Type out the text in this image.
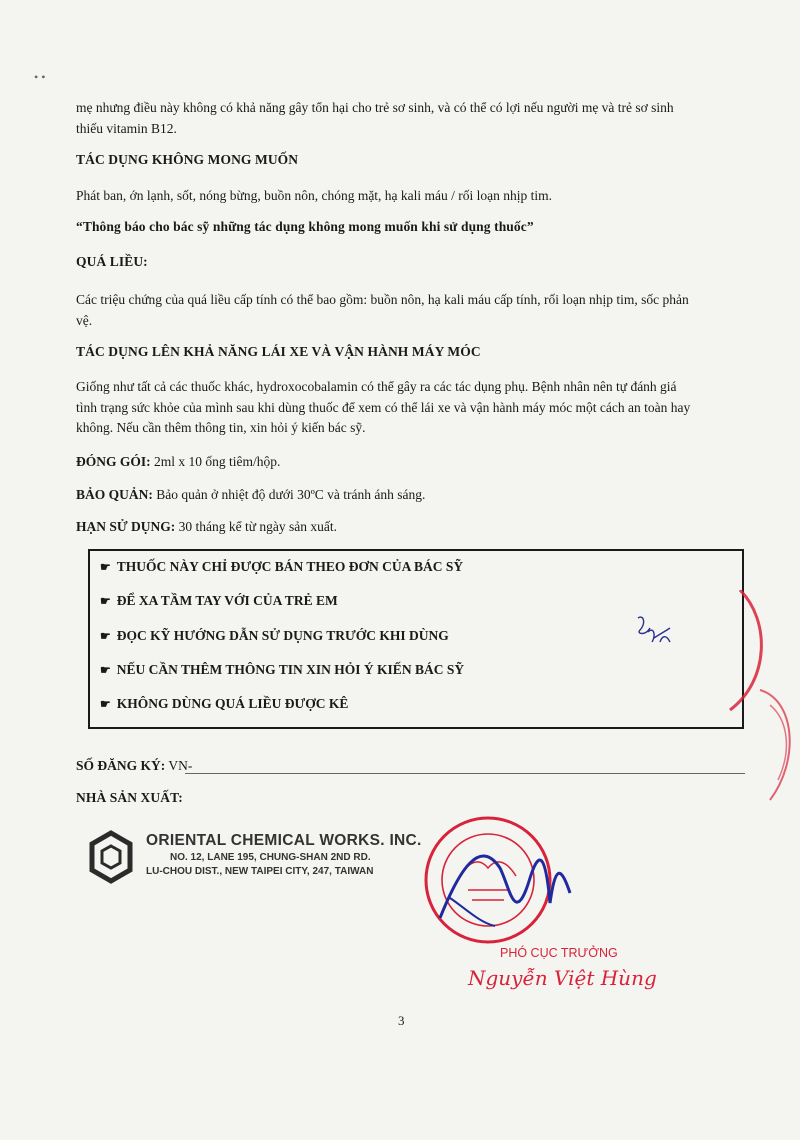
• •

mẹ nhưng điều này không có khả năng gây tổn hại cho trẻ sơ sinh, và có thể có lợi nếu người mẹ và trẻ sơ sinh

thiếu vitamin B12.

TÁC DỤNG KHÔNG MONG MUỐN

Phát ban, ớn lạnh, sốt, nóng bừng, buồn nôn, chóng mặt, hạ kali máu / rối loạn nhịp tim.

“Thông báo cho bác sỹ những tác dụng không mong muốn khi sử dụng thuốc”

QUÁ LIỀU:

Các triệu chứng của quá liều cấp tính có thể bao gồm: buồn nôn, hạ kali máu cấp tính, rối loạn nhịp tim, sốc phản

vệ.

TÁC DỤNG LÊN KHẢ NĂNG LÁI XE VÀ VẬN HÀNH MÁY MÓC

Giống như tất cả các thuốc khác, hydroxocobalamin có thể gây ra các tác dụng phụ. Bệnh nhân nên tự đánh giá

tình trạng sức khỏe của mình sau khi dùng thuốc để xem có thể lái xe và vận hành máy móc một cách an toàn hay

không. Nếu cần thêm thông tin, xin hỏi ý kiến bác sỹ.

ĐÓNG GÓI: 2ml x 10 ống tiêm/hộp.

BẢO QUẢN: Bảo quản ở nhiệt độ dưới 30ºC và tránh ánh sáng.

HẠN SỬ DỤNG: 30 tháng kể từ ngày sản xuất.

☛ THUỐC NÀY CHỈ ĐƯỢC BÁN THEO ĐƠN CỦA BÁC SỸ
☛ ĐỂ XA TẦM TAY VỚI CỦA TRẺ EM
☛ ĐỌC KỸ HƯỚNG DẪN SỬ DỤNG TRƯỚC KHI DÙNG
☛ NẾU CẦN THÊM THÔNG TIN XIN HỎI Ý KIẾN BÁC SỸ
☛ KHÔNG DÙNG QUÁ LIỀU ĐƯỢC KÊ

SỐ ĐĂNG KÝ: VN-

NHÀ SẢN XUẤT:

ORIENTAL CHEMICAL WORKS. INC.
NO. 12, LANE 195, CHUNG-SHAN 2ND RD.
LU-CHOU DIST., NEW TAIPEI CITY, 247, TAIWAN
PHÓ CỤC TRƯỞNG
Nguyễn Việt Hùng
3
